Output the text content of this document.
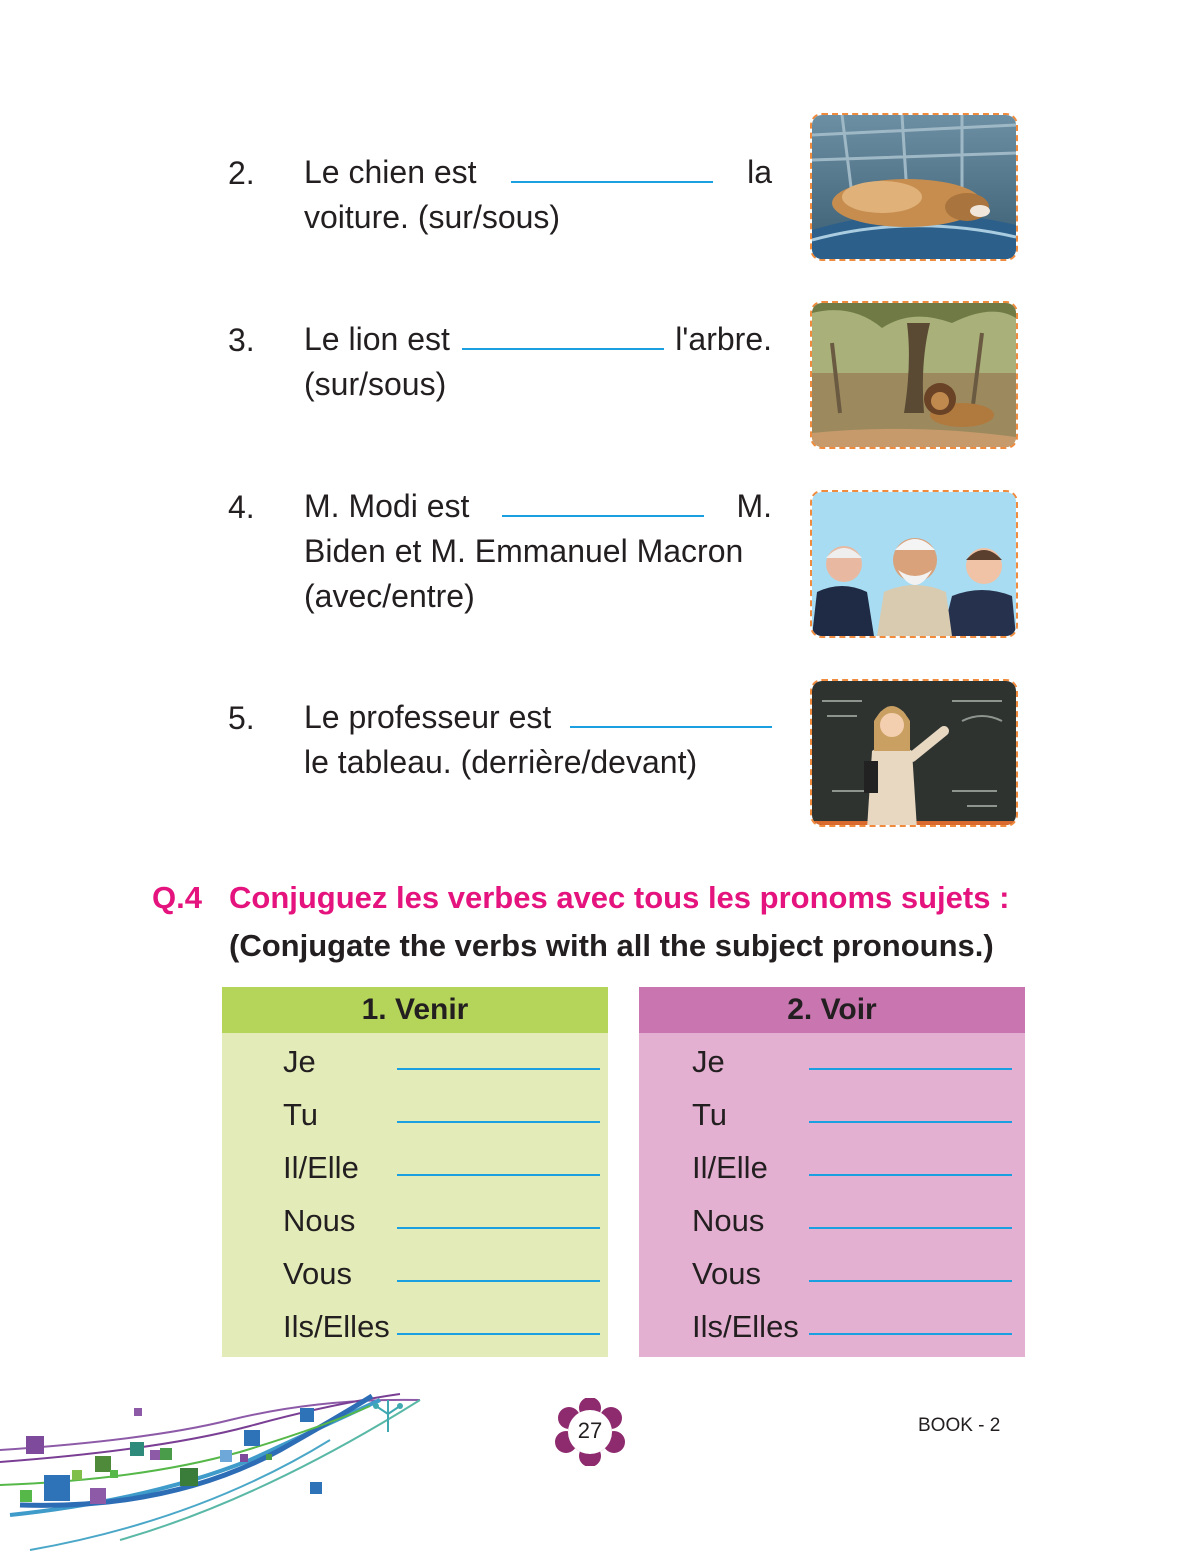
2. Le chien est	la
voiture. (sur/sous)
3. Le lion est	l'arbre.
(sur/sous)
4. M. Modi est	M.
Biden et M. Emmanuel Macron
(avec/entre)
5. Le professeur est
le tableau. (derrière/devant)
Q.4 Conjuguez les verbes avec tous les pronoms sujets :
(Conjugate the verbs with all the subject pronouns.)
1. Venir
Je
Tu
Il/Elle
Nous
Vous
Ils/Elles
2. Voir
Je
Tu
Il/Elle
Nous
Vous
Ils/Elles
27	BOOK - 2
